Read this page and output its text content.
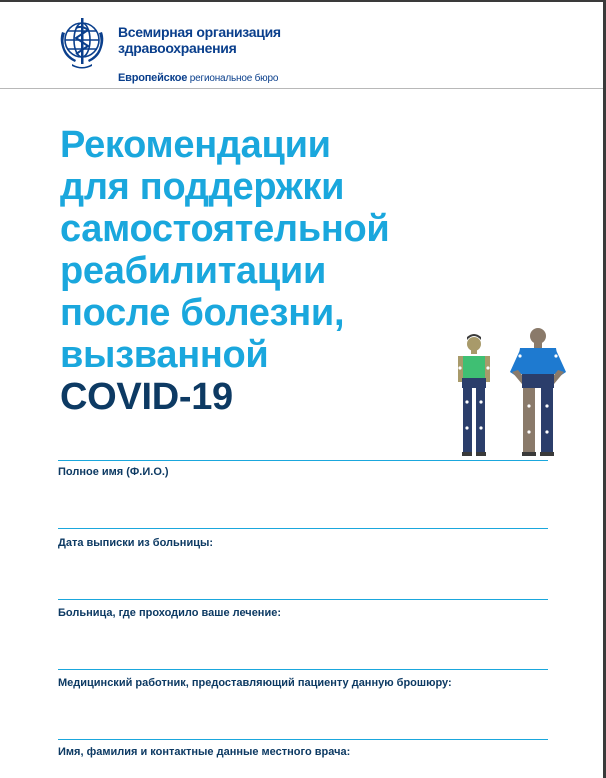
Всемирная организация
здравоохранения
Европейское региональное бюро
Рекомендации
для поддержки
самостоятельной
реабилитации
после болезни,
вызванной
COVID-19
Полное имя (Ф.И.О.)
Дата выписки из больницы:
Больница, где проходило ваше лечение:
Медицинский работник, предоставляющий пациенту данную брошюру:
Имя, фамилия и контактные данные местного врача:
